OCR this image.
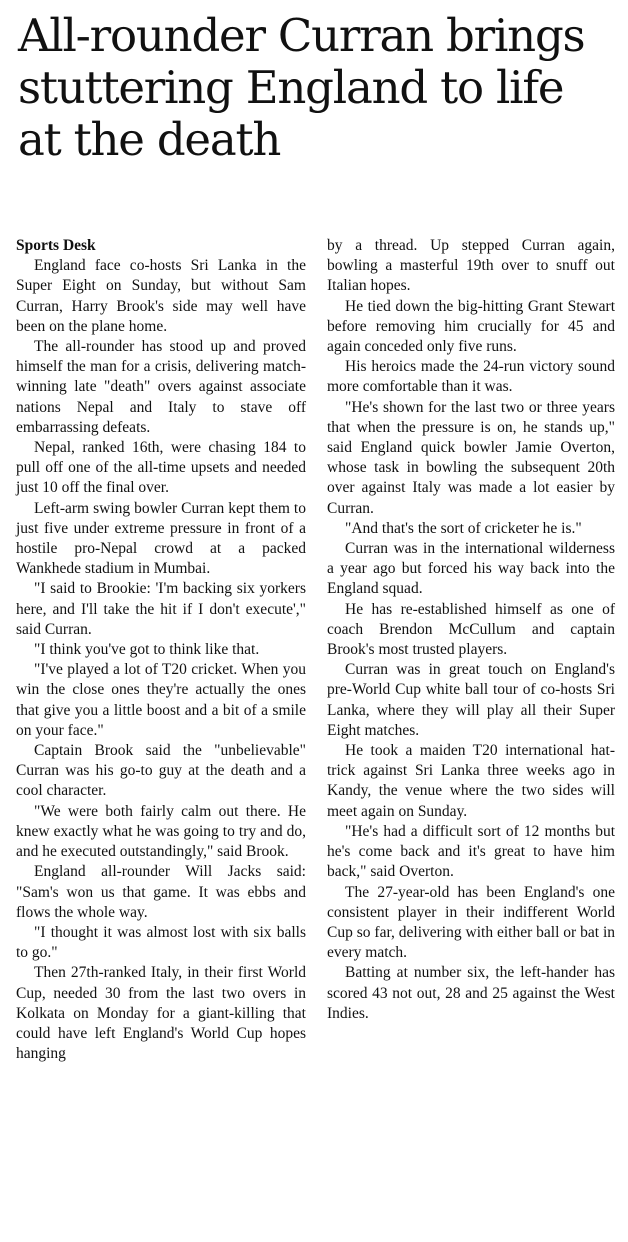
All-rounder Curran brings stuttering England to life at the death

Sports Desk

England face co-hosts Sri Lanka in the Super Eight on Sunday, but without Sam Curran, Harry Brook's side may well have been on the plane home.

The all-rounder has stood up and proved himself the man for a crisis, delivering match-winning late "death" overs against associate nations Nepal and Italy to stave off embarrassing defeats.

Nepal, ranked 16th, were chasing 184 to pull off one of the all-time upsets and needed just 10 off the final over.

Left-arm swing bowler Curran kept them to just five under extreme pressure in front of a hostile pro-Nepal crowd at a packed Wankhede stadium in Mumbai.

"I said to Brookie: 'I'm backing six yorkers here, and I'll take the hit if I don't execute'," said Curran.

"I think you've got to think like that.

"I've played a lot of T20 cricket. When you win the close ones they're actually the ones that give you a little boost and a bit of a smile on your face."

Captain Brook said the "unbelievable" Curran was his go-to guy at the death and a cool character.

"We were both fairly calm out there. He knew exactly what he was going to try and do, and he executed outstandingly," said Brook.

England all-rounder Will Jacks said: "Sam's won us that game. It was ebbs and flows the whole way.

"I thought it was almost lost with six balls to go."

Then 27th-ranked Italy, in their first World Cup, needed 30 from the last two overs in Kolkata on Monday for a giant-killing that could have left England's World Cup hopes hanging

by a thread. Up stepped Curran again, bowling a masterful 19th over to snuff out Italian hopes.

He tied down the big-hitting Grant Stewart before removing him crucially for 45 and again conceded only five runs.

His heroics made the 24-run victory sound more comfortable than it was.

"He's shown for the last two or three years that when the pressure is on, he stands up," said England quick bowler Jamie Overton, whose task in bowling the subsequent 20th over against Italy was made a lot easier by Curran.

"And that's the sort of cricketer he is."

Curran was in the international wilderness a year ago but forced his way back into the England squad.

He has re-established himself as one of coach Brendon McCullum and captain Brook's most trusted players.

Curran was in great touch on England's pre-World Cup white ball tour of co-hosts Sri Lanka, where they will play all their Super Eight matches.

He took a maiden T20 international hat-trick against Sri Lanka three weeks ago in Kandy, the venue where the two sides will meet again on Sunday.

"He's had a difficult sort of 12 months but he's come back and it's great to have him back," said Overton.

The 27-year-old has been England's one consistent player in their indifferent World Cup so far, delivering with either ball or bat in every match.

Batting at number six, the left-hander has scored 43 not out, 28 and 25 against the West Indies.
